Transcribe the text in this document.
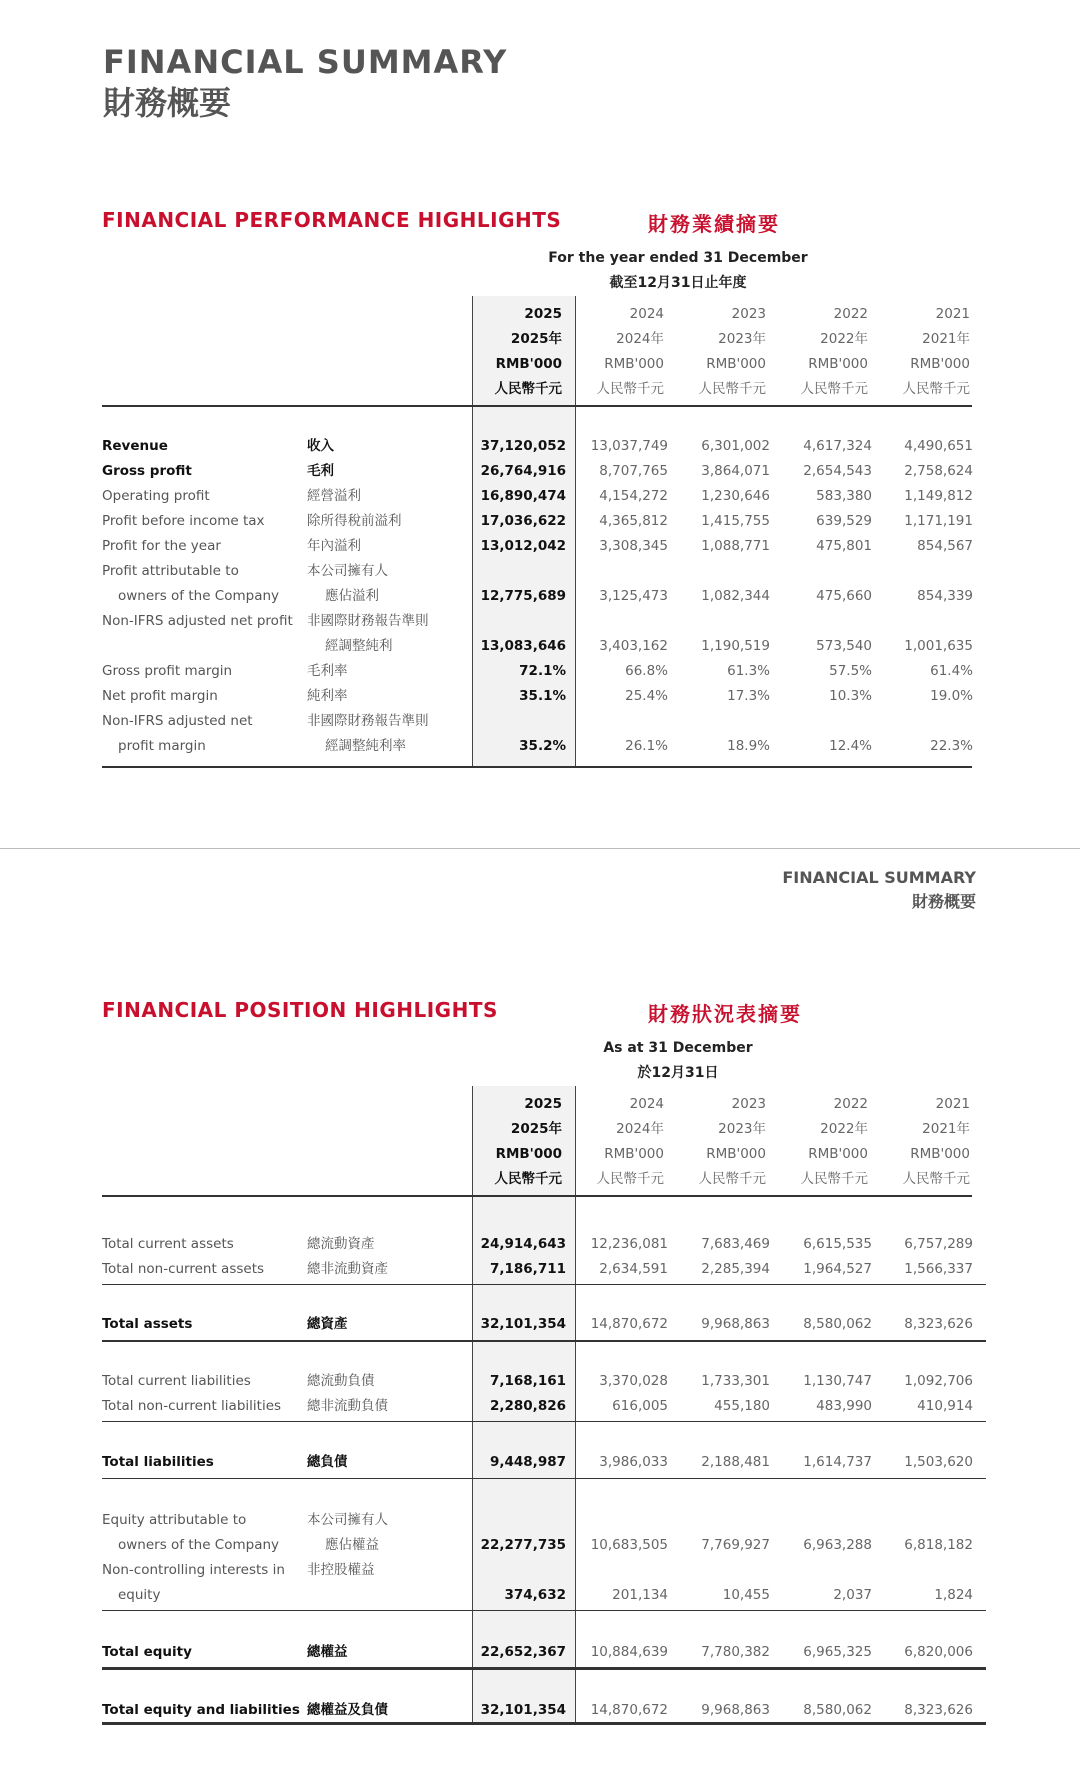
FINANCIAL SUMMARY
財務概要
FINANCIAL PERFORMANCE HIGHLIGHTS	財務業績摘要
For the year ended 31 December
截至12月31日止年度
2025	2024	2023	2022	2021
2025年	2024年	2023年	2022年	2021年
RMB'000	RMB'000	RMB'000	RMB'000	RMB'000
人民幣千元	人民幣千元	人民幣千元	人民幣千元	人民幣千元
Revenue	收入	37,120,052	13,037,749	6,301,002	4,617,324	4,490,651
Gross profit	毛利	26,764,916	8,707,765	3,864,071	2,654,543	2,758,624
Operating profit	經營溢利	16,890,474	4,154,272	1,230,646	583,380	1,149,812
Profit before income tax	除所得稅前溢利	17,036,622	4,365,812	1,415,755	639,529	1,171,191
Profit for the year	年內溢利	13,012,042	3,308,345	1,088,771	475,801	854,567
Profit attributable to	本公司擁有人
owners of the Company	應佔溢利	12,775,689	3,125,473	1,082,344	475,660	854,339
Non-IFRS adjusted net profit 非國際財務報告準則
經調整純利	13,083,646	3,403,162	1,190,519	573,540	1,001,635
Gross profit margin	毛利率	72.1%	66.8%	61.3%	57.5%	61.4%
Net profit margin	純利率	35.1%	25.4%	17.3%	10.3%	19.0%
Non-IFRS adjusted net	非國際財務報告準則
profit margin	經調整純利率	35.2%	26.1%	18.9%	12.4%	22.3%
FINANCIAL SUMMARY
財務概要
FINANCIAL POSITION HIGHLIGHTS	財務狀況表摘要
As at 31 December
於12月31日
2025	2024	2023	2022	2021
2025年	2024年	2023年	2022年	2021年
RMB'000	RMB'000	RMB'000	RMB'000	RMB'000
人民幣千元	人民幣千元	人民幣千元	人民幣千元	人民幣千元
Total current assets	總流動資產	24,914,643	12,236,081	7,683,469	6,615,535	6,757,289
Total non-current assets	總非流動資產	7,186,711	2,634,591	2,285,394	1,964,527	1,566,337
Total assets	總資產	32,101,354	14,870,672	9,968,863	8,580,062	8,323,626
Total current liabilities	總流動負債	7,168,161	3,370,028	1,733,301	1,130,747	1,092,706
Total non-current liabilities 總非流動負債	2,280,826	616,005	455,180	483,990	410,914
Total liabilities	總負債	9,448,987	3,986,033	2,188,481	1,614,737	1,503,620
Equity attributable to	本公司擁有人
owners of the Company	應佔權益	22,277,735	10,683,505	7,769,927	6,963,288	6,818,182
Non-controlling interests in 非控股權益
equity	374,632	201,134	10,455	2,037	1,824
Total equity	總權益	22,652,367	10,884,639	7,780,382	6,965,325	6,820,006
Total equity and liabilities 總權益及負債	32,101,354	14,870,672	9,968,863	8,580,062	8,323,626
